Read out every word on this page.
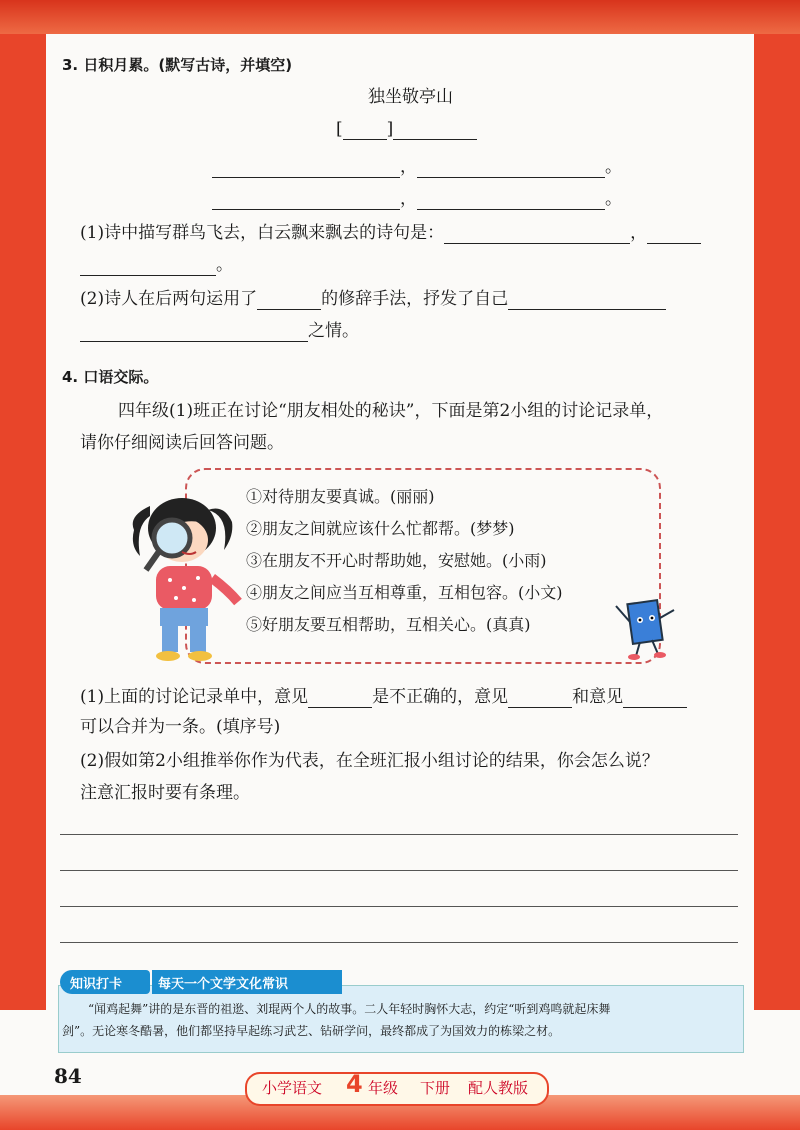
3. 日积月累。(默写古诗，并填空)
独坐敬亭山
[	]
，	。
，	。
(1)诗中描写群鸟飞去，白云飘来飘去的诗句是：	，
。
(2)诗人在后两句运用了	的修辞手法，抒发了自己
之情。
4. 口语交际。
四年级(1)班正在讨论“朋友相处的秘诀”，下面是第2小组的讨论记录单，
请你仔细阅读后回答问题。
①对待朋友要真诚。(丽丽)
②朋友之间就应该什么忙都帮。(梦梦)
③在朋友不开心时帮助她，安慰她。(小雨)
④朋友之间应当互相尊重，互相包容。(小文)
⑤好朋友要互相帮助，互相关心。(真真)
(1)上面的讨论记录单中，意见	是不正确的，意见	和意见
可以合并为一条。(填序号)
(2)假如第2小组推举你作为代表，在全班汇报小组讨论的结果，你会怎么说？
注意汇报时要有条理。
知识打卡	每天一个文学文化常识
“闻鸡起舞”讲的是东晋的祖逖、刘琨两个人的故事。二人年轻时胸怀大志，约定“听到鸡鸣就起床舞
剑”。无论寒冬酷暑，他们都坚持早起练习武艺、钻研学问，最终都成了为国效力的栋梁之材。
84	小学语文 4 年级 下册 配人教版
